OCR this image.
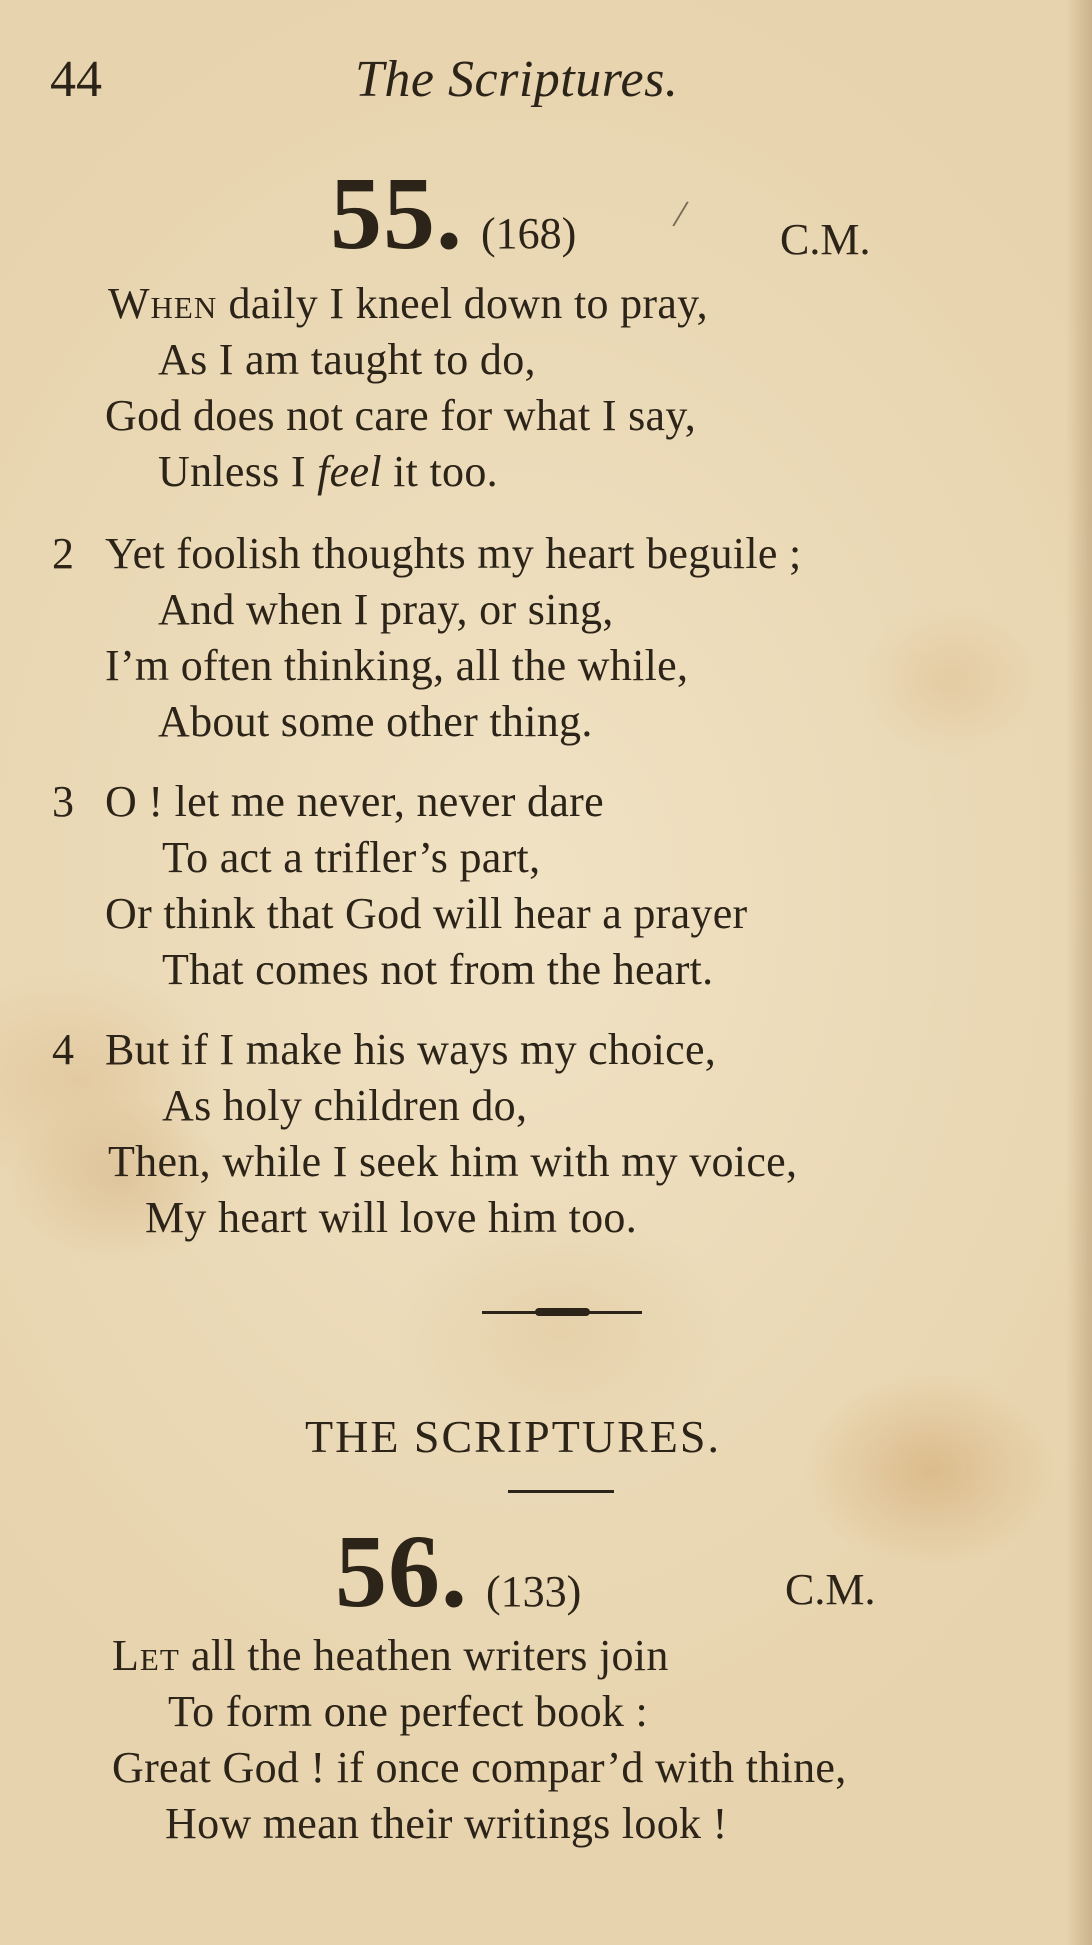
44	The Scriptures.
55. (168) /
C.M.
When daily I kneel down to pray,
As I am taught to do,
God does not care for what I say,
Unless I feel it too.
2 Yet foolish thoughts my heart beguile ;
And when I pray, or sing,
I’m often thinking, all the while,
About some other thing.
3 O ! let me never, never dare
To act a trifler’s part,
Or think that God will hear a prayer
That comes not from the heart.
4 But if I make his ways my choice,
As holy children do,
Then, while I seek him with my voice,
My heart will love him too.
THE SCRIPTURES.
56. (133)	C.M.
Let all the heathen writers join
To form one perfect book :
Great God ! if once compar’d with thine,
How mean their writings look !
